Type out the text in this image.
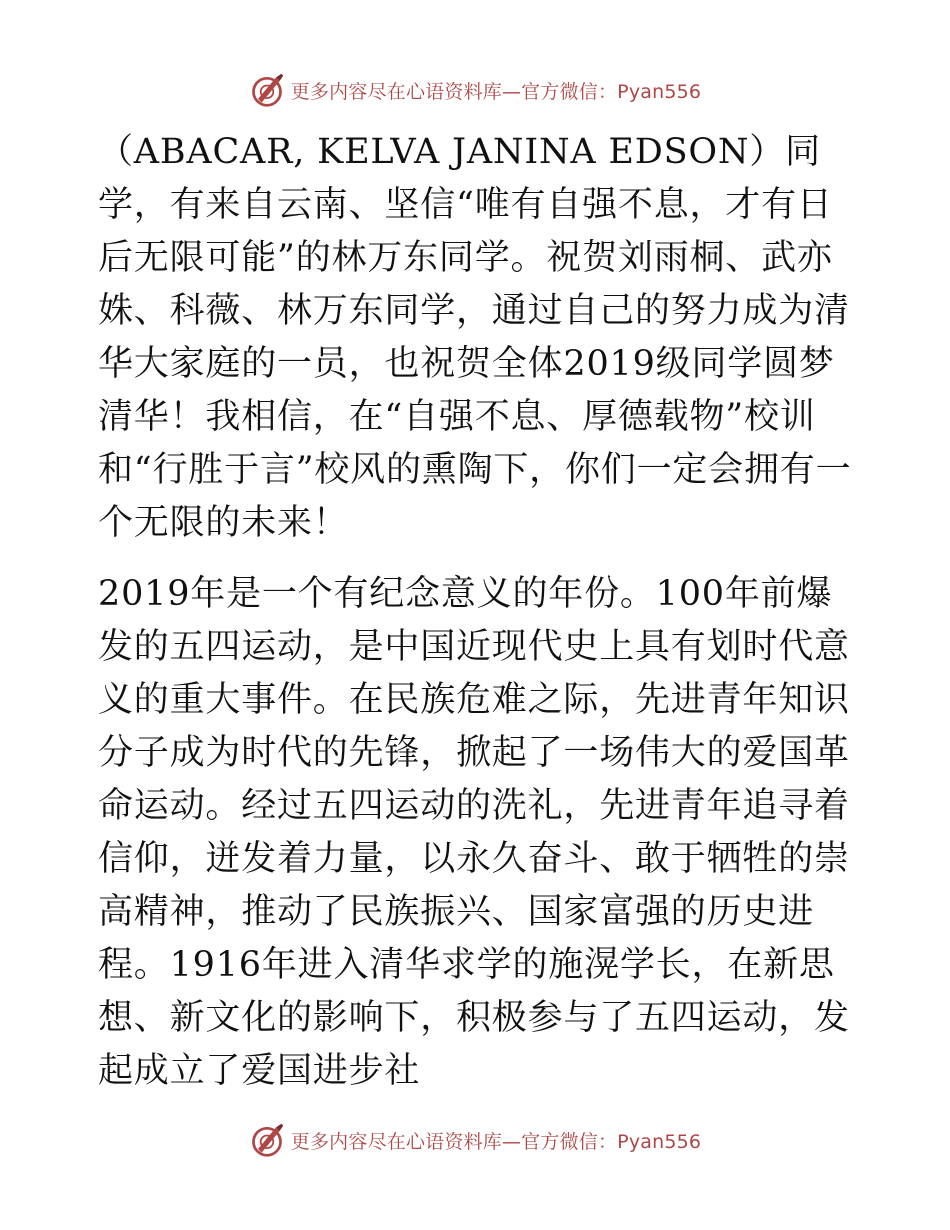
更多内容尽在心语资料库—官方微信：Pyan556

（ABACAR, KELVA JANINA EDSON）同学，有来自云南、坚信“唯有自强不息，才有日后无限可能”的林万东同学。祝贺刘雨桐、武亦姝、科薇、林万东同学，通过自己的努力成为清华大家庭的一员，也祝贺全体2019级同学圆梦清华！我相信，在“自强不息、厚德载物”校训和“行胜于言”校风的熏陶下，你们一定会拥有一个无限的未来！

2019年是一个有纪念意义的年份。100年前爆发的五四运动，是中国近现代史上具有划时代意义的重大事件。在民族危难之际，先进青年知识分子成为时代的先锋，掀起了一场伟大的爱国革命运动。经过五四运动的洗礼，先进青年追寻着信仰，迸发着力量，以永久奋斗、敢于牺牲的崇高精神，推动了民族振兴、国家富强的历史进程。1916年进入清华求学的施滉学长，在新思想、新文化的影响下，积极参与了五四运动，发起成立了爱国进步社

更多内容尽在心语资料库—官方微信：Pyan556
